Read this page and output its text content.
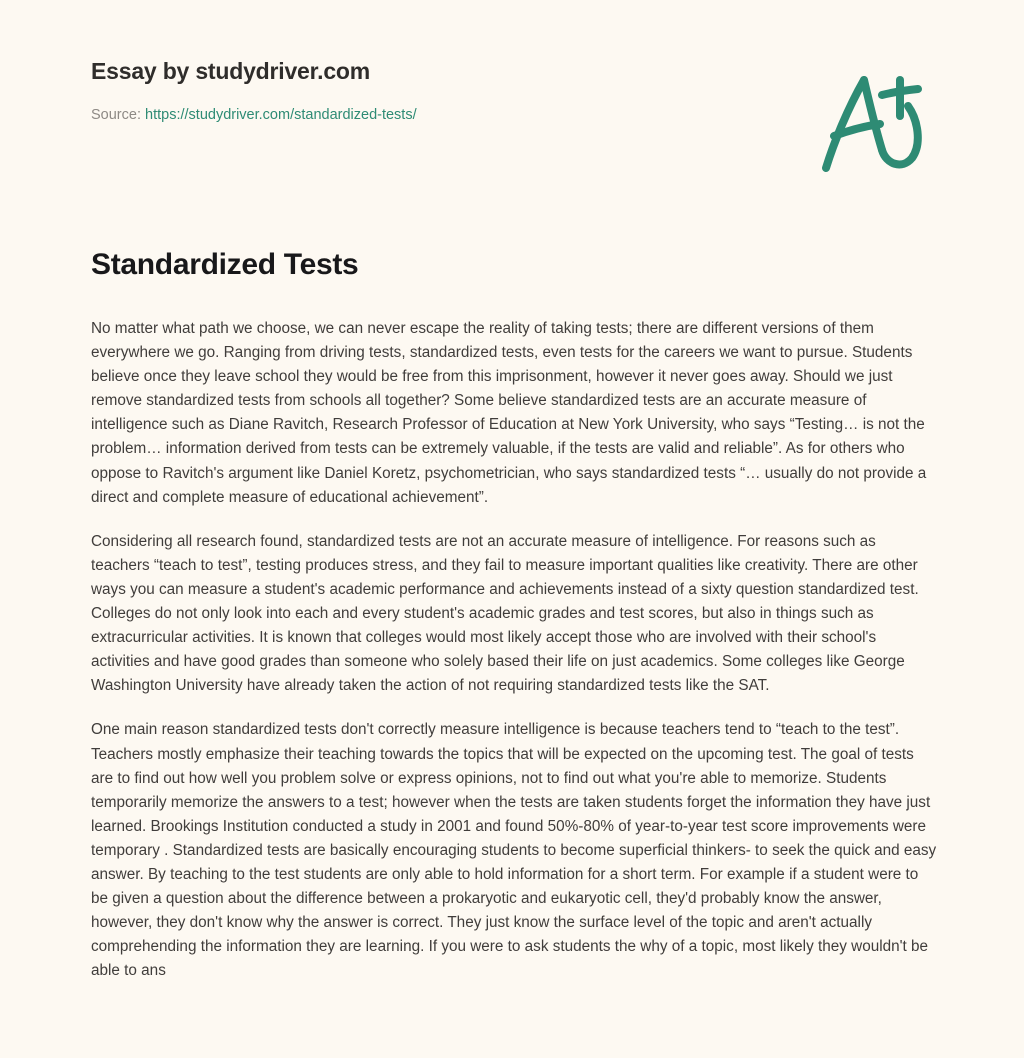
Essay by studydriver.com
Source: https://studydriver.com/standardized-tests/
Standardized Tests

No matter what path we choose, we can never escape the reality of taking tests; there are different versions of them everywhere we go. Ranging from driving tests, standardized tests, even tests for the careers we want to pursue. Students believe once they leave school they would be free from this imprisonment, however it never goes away. Should we just remove standardized tests from schools all together? Some believe standardized tests are an accurate measure of intelligence such as Diane Ravitch, Research Professor of Education at New York University, who says “Testing… is not the problem… information derived from tests can be extremely valuable, if the tests are valid and reliable”. As for others who oppose to Ravitch's argument like Daniel Koretz, psychometrician, who says standardized tests “… usually do not provide a direct and complete measure of educational achievement”.

Considering all research found, standardized tests are not an accurate measure of intelligence. For reasons such as teachers “teach to test”, testing produces stress, and they fail to measure important qualities like creativity. There are other ways you can measure a student's academic performance and achievements instead of a sixty question standardized test. Colleges do not only look into each and every student's academic grades and test scores, but also in things such as extracurricular activities. It is known that colleges would most likely accept those who are involved with their school's activities and have good grades than someone who solely based their life on just academics. Some colleges like George Washington University have already taken the action of not requiring standardized tests like the SAT.

One main reason standardized tests don't correctly measure intelligence is because teachers tend to “teach to the test”. Teachers mostly emphasize their teaching towards the topics that will be expected on the upcoming test. The goal of tests are to find out how well you problem solve or express opinions, not to find out what you're able to memorize. Students temporarily memorize the answers to a test; however when the tests are taken students forget the information they have just learned. Brookings Institution conducted a study in 2001 and found 50%-80% of year-to-year test score improvements were temporary . Standardized tests are basically encouraging students to become superficial thinkers- to seek the quick and easy answer. By teaching to the test students are only able to hold information for a short term. For example if a student were to be given a question about the difference between a prokaryotic and eukaryotic cell, they'd probably know the answer, however, they don't know why the answer is correct. They just know the surface level of the topic and aren't actually comprehending the information they are learning. If you were to ask students the why of a topic, most likely they wouldn't be able to ans
